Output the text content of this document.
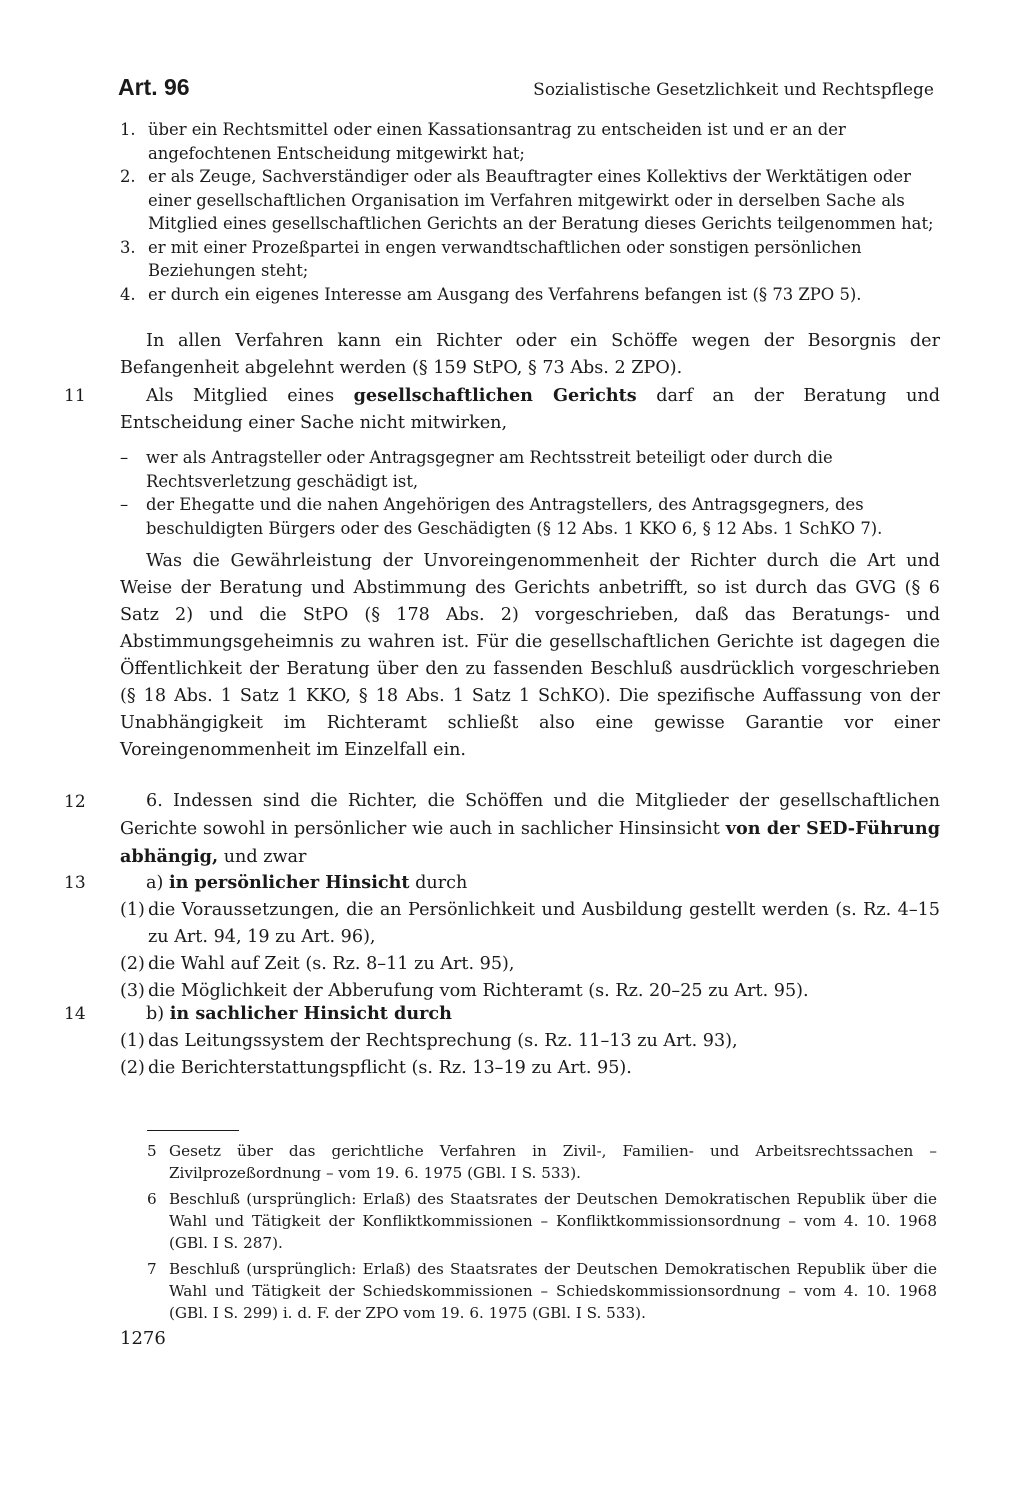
Art. 96	Sozialistische Gesetzlichkeit und Rechtspflege
1. über ein Rechtsmittel oder einen Kassationsantrag zu entscheiden ist und er an der angefochtenen Entscheidung mitgewirkt hat;
2. er als Zeuge, Sachverständiger oder als Beauftragter eines Kollektivs der Werktätigen oder einer gesellschaftlichen Organisation im Verfahren mitgewirkt oder in derselben Sache als Mitglied eines gesellschaftlichen Gerichts an der Beratung dieses Gerichts teilgenommen hat;
3. er mit einer Prozeßpartei in engen verwandtschaftlichen oder sonstigen persönlichen Beziehungen steht;
4. er durch ein eigenes Interesse am Ausgang des Verfahrens befangen ist (§ 73 ZPO 5).

In allen Verfahren kann ein Richter oder ein Schöffe wegen der Besorgnis der Befangenheit abgelehnt werden (§ 159 StPO, § 73 Abs. 2 ZPO).

11	Als Mitglied eines gesellschaftlichen Gerichts darf an der Beratung und Entscheidung einer Sache nicht mitwirken,

– wer als Antragsteller oder Antragsgegner am Rechtsstreit beteiligt oder durch die Rechtsverletzung geschädigt ist,
– der Ehegatte und die nahen Angehörigen des Antragstellers, des Antragsgegners, des beschuldigten Bürgers oder des Geschädigten (§ 12 Abs. 1 KKO 6, § 12 Abs. 1 SchKO 7).

Was die Gewährleistung der Unvoreingenommenheit der Richter durch die Art und Weise der Beratung und Abstimmung des Gerichts anbetrifft, so ist durch das GVG (§ 6 Satz 2) und die StPO (§ 178 Abs. 2) vorgeschrieben, daß das Beratungs- und Abstimmungsgeheimnis zu wahren ist. Für die gesellschaftlichen Gerichte ist dagegen die Öffentlichkeit der Beratung über den zu fassenden Beschluß ausdrücklich vorgeschrieben (§ 18 Abs. 1 Satz 1 KKO, § 18 Abs. 1 Satz 1 SchKO). Die spezifische Auffassung von der Unabhängigkeit im Richteramt schließt also eine gewisse Garantie vor einer Voreingenommenheit im Einzelfall ein.

12	6. Indessen sind die Richter, die Schöffen und die Mitglieder der gesellschaftlichen Gerichte sowohl in persönlicher wie auch in sachlicher Hinsinsicht von der SED-Führung abhängig, und zwar

13	a) in persönlicher Hinsicht durch
(1) die Voraussetzungen, die an Persönlichkeit und Ausbildung gestellt werden (s. Rz. 4–15 zu Art. 94, 19 zu Art. 96),
(2) die Wahl auf Zeit (s. Rz. 8–11 zu Art. 95),
(3) die Möglichkeit der Abberufung vom Richteramt (s. Rz. 20–25 zu Art. 95).
14	b) in sachlicher Hinsicht durch
(1) das Leitungssystem der Rechtsprechung (s. Rz. 11–13 zu Art. 93),
(2) die Berichterstattungspflicht (s. Rz. 13–19 zu Art. 95).
5 Gesetz über das gerichtliche Verfahren in Zivil-, Familien- und Arbeitsrechtssachen – Zivilprozeßordnung – vom 19. 6. 1975 (GBl. I S. 533).
6 Beschluß (ursprünglich: Erlaß) des Staatsrates der Deutschen Demokratischen Republik über die Wahl und Tätigkeit der Konfliktkommissionen – Konfliktkommissionsordnung – vom 4. 10. 1968 (GBl. I S. 287).
7 Beschluß (ursprünglich: Erlaß) des Staatsrates der Deutschen Demokratischen Republik über die Wahl und Tätigkeit der Schiedskommissionen – Schiedskommissionsordnung – vom 4. 10. 1968 (GBl. I S. 299) i. d. F. der ZPO vom 19. 6. 1975 (GBl. I S. 533).
1276
